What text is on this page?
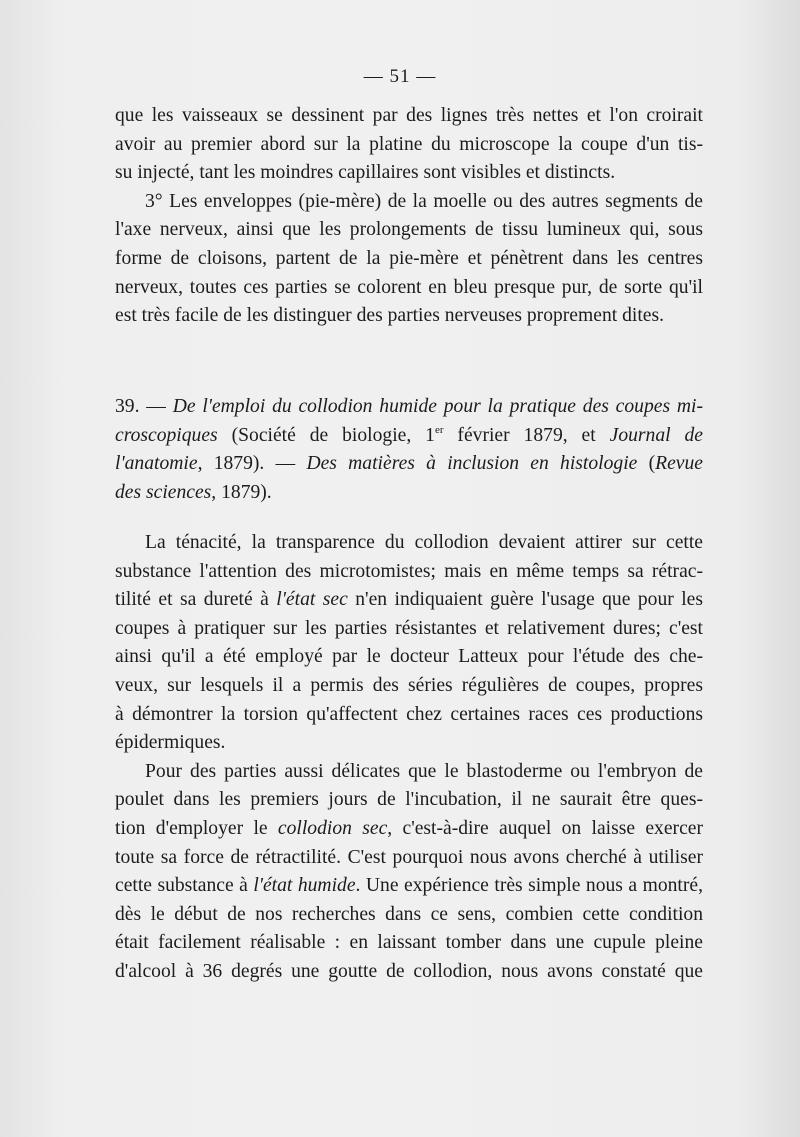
— 51 —

que les vaisseaux se dessinent par des lignes très nettes et l'on croirait
avoir au premier abord sur la platine du microscope la coupe d'un tis-
su injecté, tant les moindres capillaires sont visibles et distincts.

3° Les enveloppes (pie-mère) de la moelle ou des autres segments de
l'axe nerveux, ainsi que les prolongements de tissu lumineux qui, sous
forme de cloisons, partent de la pie-mère et pénètrent dans les centres
nerveux, toutes ces parties se colorent en bleu presque pur, de sorte qu'il
est très facile de les distinguer des parties nerveuses proprement dites.

39. — De l'emploi du collodion humide pour la pratique des coupes mi-
croscopiques (Société de biologie, 1er février 1879, et Journal de
l'anatomie, 1879). — Des matières à inclusion en histologie (Revue
des sciences, 1879).

La ténacité, la transparence du collodion devaient attirer sur cette
substance l'attention des microtomistes; mais en même temps sa rétrac-
tilité et sa dureté à l'état sec n'en indiquaient guère l'usage que pour les
coupes à pratiquer sur les parties résistantes et relativement dures; c'est
ainsi qu'il a été employé par le docteur Latteux pour l'étude des che-
veux, sur lesquels il a permis des séries régulières de coupes, propres
à démontrer la torsion qu'affectent chez certaines races ces productions
épidermiques.

Pour des parties aussi délicates que le blastoderme ou l'embryon de
poulet dans les premiers jours de l'incubation, il ne saurait être ques-
tion d'employer le collodion sec, c'est-à-dire auquel on laisse exercer
toute sa force de rétractilité. C'est pourquoi nous avons cherché à utiliser
cette substance à l'état humide. Une expérience très simple nous a montré,
dès le début de nos recherches dans ce sens, combien cette condition
était facilement réalisable : en laissant tomber dans une cupule pleine
d'alcool à 36 degrés une goutte de collodion, nous avons constaté que
